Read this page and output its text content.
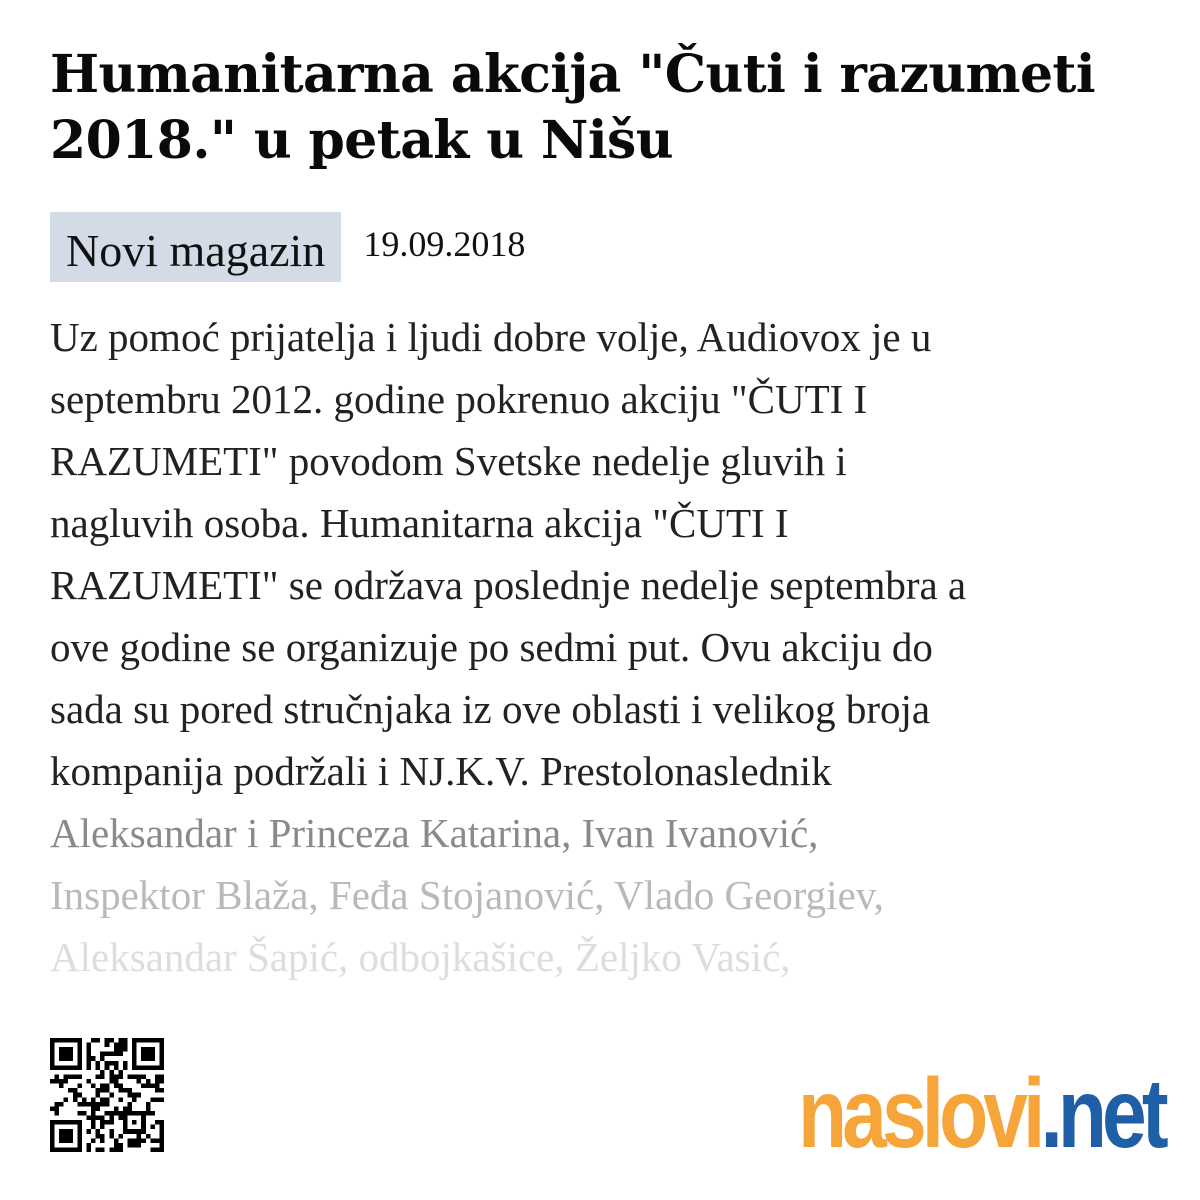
Humanitarna akcija "Čuti i razumeti 2018." u petak u Nišu
Novi magazin	19.09.2018
Uz pomoć prijatelja i ljudi dobre volje, Audiovox je u
septembru 2012. godine pokrenuo akciju "ČUTI I
RAZUMETI" povodom Svetske nedelje gluvih i
nagluvih osoba. Humanitarna akcija "ČUTI I
RAZUMETI" se održava poslednje nedelje septembra a
ove godine se organizuje po sedmi put. Ovu akciju do
sada su pored stručnjaka iz ove oblasti i velikog broja
kompanija podržali i NJ.K.V. Prestolonaslednik
Aleksandar i Princeza Katarina, Ivan Ivanović,
Inspektor Blaža, Feđa Stojanović, Vlado Georgiev,
Aleksandar Šapić, odbojkašice, Željko Vasić,
naslovi.net
